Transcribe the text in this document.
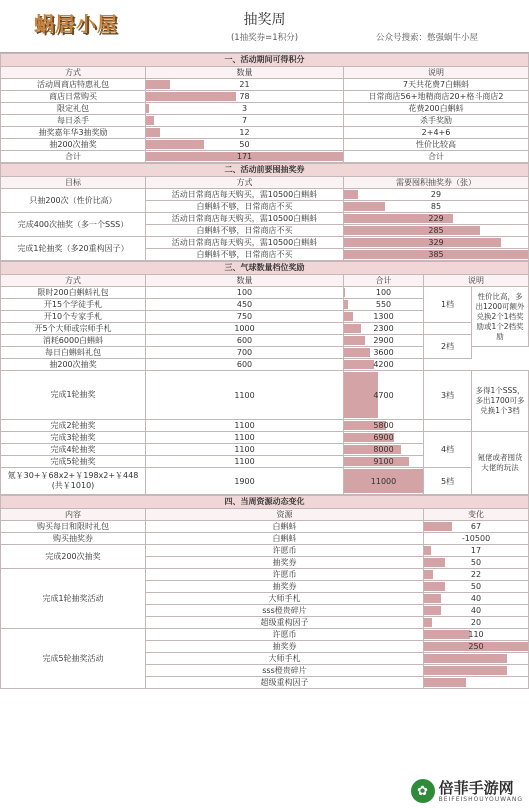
蜗居小屋	抽奖周
(1抽奖券=1积分)	公众号搜索：憋强蜗牛小屋
一、活动期间可得积分		
方式	数量	说明
活动周商店特惠礼包	21	7天共花费7白蝌蚪
商店日常购买	78	日常商店56+地精商店20+格斗商店2
限定礼包	3	花费200白蝌蚪
每日杀手	7	杀手奖励
抽奖嘉年华3抽奖励	12	2+4+6
抽200次抽奖	50	性价比较高
合计	171	合计
二、活动前要囤抽奖券		
目标	方式	需要囤积抽奖券（张）
只抽200次（性价比高）	活动日常商店每天购买，需10500白蝌蚪	29
	白蝌蚪不够，日常商店不买	85
完成400次抽奖（多一个SSS）	活动日常商店每天购买，需10500白蝌蚪	229
	白蝌蚪不够，日常商店不买	285
完成1轮抽奖（多20重构因子）	活动日常商店每天购买，需10500白蝌蚪	329
	白蝌蚪不够，日常商店不买	385
三、气球数量档位奖励				
方式	数量	合计	说明	
限时200白蝌蚪礼包	100	100	1档	性价比高，多出1200可额外兑换2个1档奖励或1个2档奖励
开15个学徒手札	450	550		
开10个专家手札	750	1300		
开5个大师或宗师手札	1000	2300		
消耗6000白蝌蚪	600	2900	2档	
每日白蝌蚪礼包	700	3600		
抽200次抽奖	600	4200		
完成1轮抽奖	1100	4700	3档	多得1个SSS，多出1700可多兑换1个3档
完成2轮抽奖	1100	5800		
完成3轮抽奖	1100	6900	4档	氪佬或者囤货大佬的玩法
完成4轮抽奖	1100	8000		
完成5轮抽奖	1100	9100		
氪￥30+￥68x2+￥198x2+￥448
(共￥1010)	1900	11000	5档	
四、当周资源动态变化		
内容	资源	变化
购买每日和限时礼包	白蝌蚪	67
购买抽奖券	白蝌蚪	-10500
完成200次抽奖	许愿币	17
	抽奖券	50
完成1轮抽奖活动	许愿币	22
	抽奖券	50
	大师手札	40
	sss橙贵碎片	40
	超级重构因子	20
完成5轮抽奖活动	许愿币	110
	抽奖券	250
	大师手札	

	sss橙贵碎片	

	超级重构因子	
✿ 倍菲手游网
BEIFEISHOUYOUWANG
